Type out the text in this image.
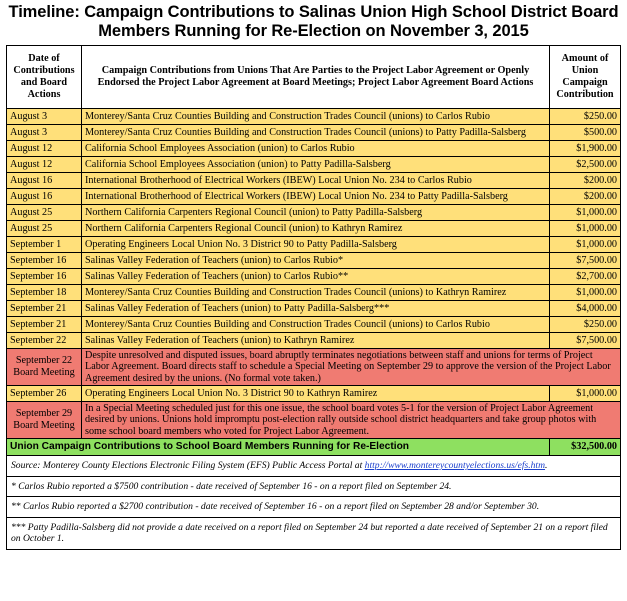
Timeline: Campaign Contributions to Salinas Union High School District Board
Members Running for Re-Election on November 3, 2015
Date of Contributions and Board Actions	Campaign Contributions from Unions That Are Parties to the Project Labor Agreement or Openly Endorsed the Project Labor Agreement at Board Meetings; Project Labor Agreement Board Actions	Amount of Union Campaign Contribution
August 3	Monterey/Santa Cruz Counties Building and Construction Trades Council (unions) to Carlos Rubio	$250.00
August 3	Monterey/Santa Cruz Counties Building and Construction Trades Council (unions) to Patty Padilla-Salsberg	$500.00
August 12	California School Employees Association (union) to Carlos Rubio	$1,900.00
August 12	California School Employees Association (union) to Patty Padilla-Salsberg	$2,500.00
August 16	International Brotherhood of Electrical Workers (IBEW) Local Union No. 234 to Carlos Rubio	$200.00
August 16	International Brotherhood of Electrical Workers (IBEW) Local Union No. 234 to Patty Padilla-Salsberg	$200.00
August 25	Northern California Carpenters Regional Council (union) to Patty Padilla-Salsberg	$1,000.00
August 25	Northern California Carpenters Regional Council (union) to Kathryn Ramirez	$1,000.00
September 1	Operating Engineers Local Union No. 3 District 90 to Patty Padilla-Salsberg	$1,000.00
September 16	Salinas Valley Federation of Teachers (union) to Carlos Rubio*	$7,500.00
September 16	Salinas Valley Federation of Teachers (union) to Carlos Rubio**	$2,700.00
September 18	Monterey/Santa Cruz Counties Building and Construction Trades Council (unions) to Kathryn Ramirez	$1,000.00
September 21	Salinas Valley Federation of Teachers (union) to Patty Padilla-Salsberg***	$4,000.00
September 21	Monterey/Santa Cruz Counties Building and Construction Trades Council (unions) to Carlos Rubio	$250.00
September 22	Salinas Valley Federation of Teachers (union) to Kathryn Ramirez	$7,500.00

September 22
Board Meeting	Despite unresolved and disputed issues, board abruptly terminates negotiations between staff and unions for terms of Project Labor Agreement. Board directs staff to schedule a Special Meeting on September 29 to approve the version of the Project Labor Agreement desired by the unions. (No formal vote taken.)	
September 26	Operating Engineers Local Union No. 3 District 90 to Kathryn Ramirez	$1,000.00

September 29
Board Meeting	In a Special Meeting scheduled just for this one issue, the school board votes 5-1 for the version of Project Labor Agreement desired by unions. Unions hold impromptu post-election rally outside school district headquarters and take group photos with some school board members who voted for Project Labor Agreement.	
Union Campaign Contributions to School Board Members Running for Re-Election		$32,500.00
Source: Monterey County Elections Electronic Filing System (EFS) Public Access Portal at http://www.montereycountyelections.us/efs.htm.		
* Carlos Rubio reported a $7500 contribution - date received of September 16 - on a report filed on September 24.		
** Carlos Rubio reported a $2700 contribution - date received of September 16 - on a report filed on September 28 and/or September 30.		
*** Patty Padilla-Salsberg did not provide a date received on a report filed on September 24 but reported a date received of September 21 on a report filed on October 1.		
